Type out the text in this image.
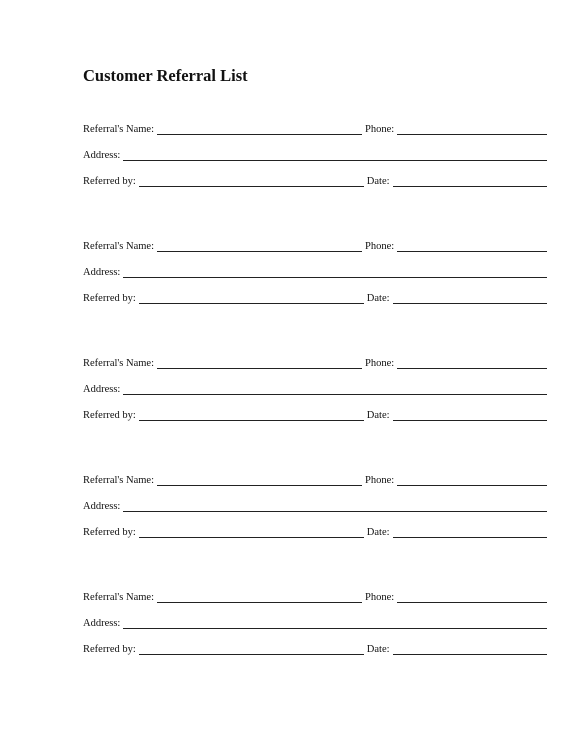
Customer Referral List
Referral's Name:	Phone:
Address:
Referred by:	Date:
Referral's Name:	Phone:
Address:
Referred by:	Date:
Referral's Name:	Phone:
Address:
Referred by:	Date:
Referral's Name:	Phone:
Address:
Referred by:	Date:
Referral's Name:	Phone:
Address:
Referred by:	Date:
